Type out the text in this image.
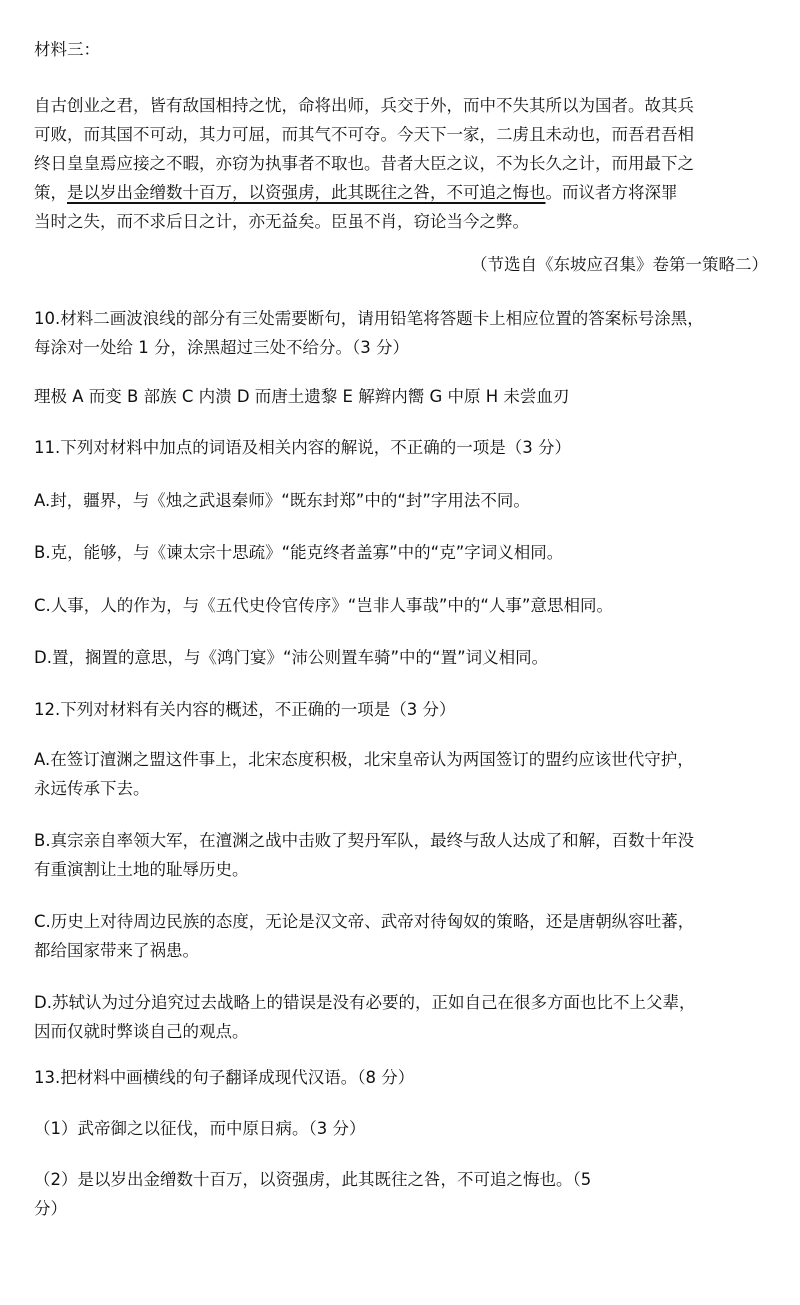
材料三：
自古创业之君，皆有敌国相持之忧，命将出师，兵交于外，而中不失其所以为国者。故其兵
可败，而其国不可动，其力可屈，而其气不可夺。今天下一家，二虏且未动也，而吾君吾相
终日皇皇焉应接之不暇，亦窃为执事者不取也。昔者大臣之议，不为长久之计，而用最下之
策，是以岁出金缯数十百万，以资强虏，此其既往之咎，不可追之悔也。而议者方将深罪
当时之失，而不求后日之计，亦无益矣。臣虽不肖，窃论当今之弊。
（节选自《东坡应召集》卷第一策略二）
10.材料二画波浪线的部分有三处需要断句，请用铅笔将答题卡上相应位置的答案标号涂黑，
每涂对一处给 1 分，涂黑超过三处不给分。（3 分）
理极 A 而变 B 部族 C 内溃 D 而唐土遗黎 E 解辫内嚮 G 中原 H 未尝血刃
11.下列对材料中加点的词语及相关内容的解说，不正确的一项是（3 分）
A.封，疆界，与《烛之武退秦师》“既东封郑”中的“封”字用法不同。
B.克，能够，与《谏太宗十思疏》“能克终者盖寡”中的“克”字词义相同。
C.人事，人的作为，与《五代史伶官传序》“岂非人事哉”中的“人事”意思相同。
D.置，搁置的意思，与《鸿门宴》“沛公则置车骑”中的“置”词义相同。
12.下列对材料有关内容的概述，不正确的一项是（3 分）
A.在签订澶渊之盟这件事上，北宋态度积极，北宋皇帝认为两国签订的盟约应该世代守护，
永远传承下去。
B.真宗亲自率领大军，在澶渊之战中击败了契丹军队，最终与敌人达成了和解，百数十年没
有重演割让土地的耻辱历史。
C.历史上对待周边民族的态度，无论是汉文帝、武帝对待匈奴的策略，还是唐朝纵容吐蕃，
都给国家带来了祸患。
D.苏轼认为过分追究过去战略上的错误是没有必要的，正如自己在很多方面也比不上父辈，
因而仅就时弊谈自己的观点。
13.把材料中画横线的句子翻译成现代汉语。（8 分）
（1）武帝御之以征伐，而中原日病。（3 分）
（2）是以岁出金缯数十百万，以资强虏，此其既往之咎，不可追之悔也。（5
分）
